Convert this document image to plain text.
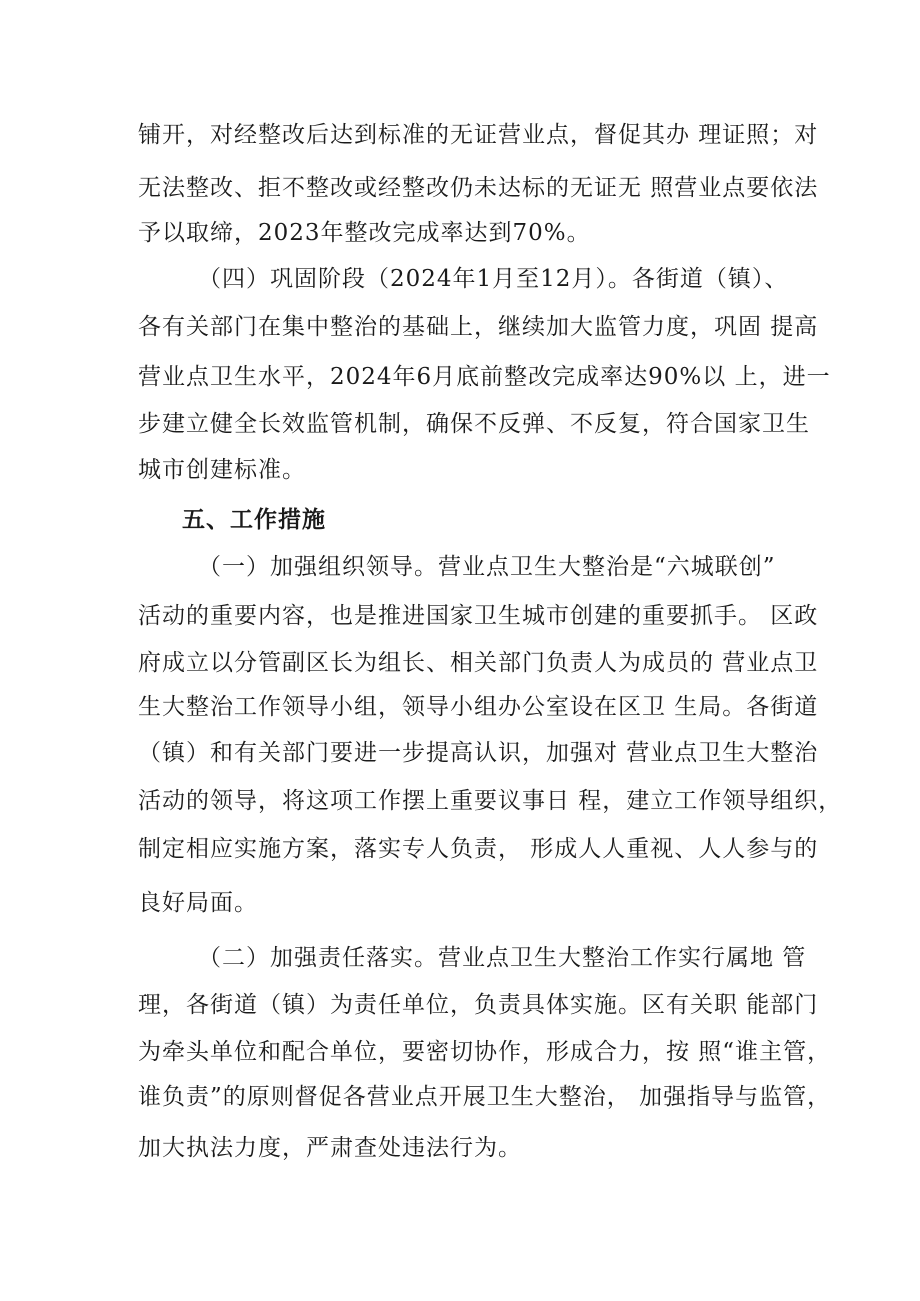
铺开，对经整改后达到标准的无证营业点，督促其办 理证照；对
无法整改、拒不整改或经整改仍未达标的无证无 照营业点要依法
予以取缔，2023年整改完成率达到70%。
（四）巩固阶段（2024年1月至12月）。各街道（镇）、
各有关部门在集中整治的基础上，继续加大监管力度，巩固 提高
营业点卫生水平，2024年6月底前整改完成率达90%以 上，进一
步建立健全长效监管机制，确保不反弹、不反复，符合国家卫生
城市创建标准。
五、工作措施
（一）加强组织领导。营业点卫生大整治是“六城联创”
活动的重要内容，也是推进国家卫生城市创建的重要抓手。 区政
府成立以分管副区长为组长、相关部门负责人为成员的 营业点卫
生大整治工作领导小组，领导小组办公室设在区卫 生局。各街道
（镇）和有关部门要进一步提高认识，加强对 营业点卫生大整治
活动的领导，将这项工作摆上重要议事日 程，建立工作领导组织，
制定相应实施方案，落实专人负责， 形成人人重视、人人参与的
良好局面。
（二）加强责任落实。营业点卫生大整治工作实行属地 管
理，各街道（镇）为责任单位，负责具体实施。区有关职 能部门
为牵头单位和配合单位，要密切协作，形成合力，按 照“谁主管，
谁负责”的原则督促各营业点开展卫生大整治， 加强指导与监管，
加大执法力度，严肃查处违法行为。
